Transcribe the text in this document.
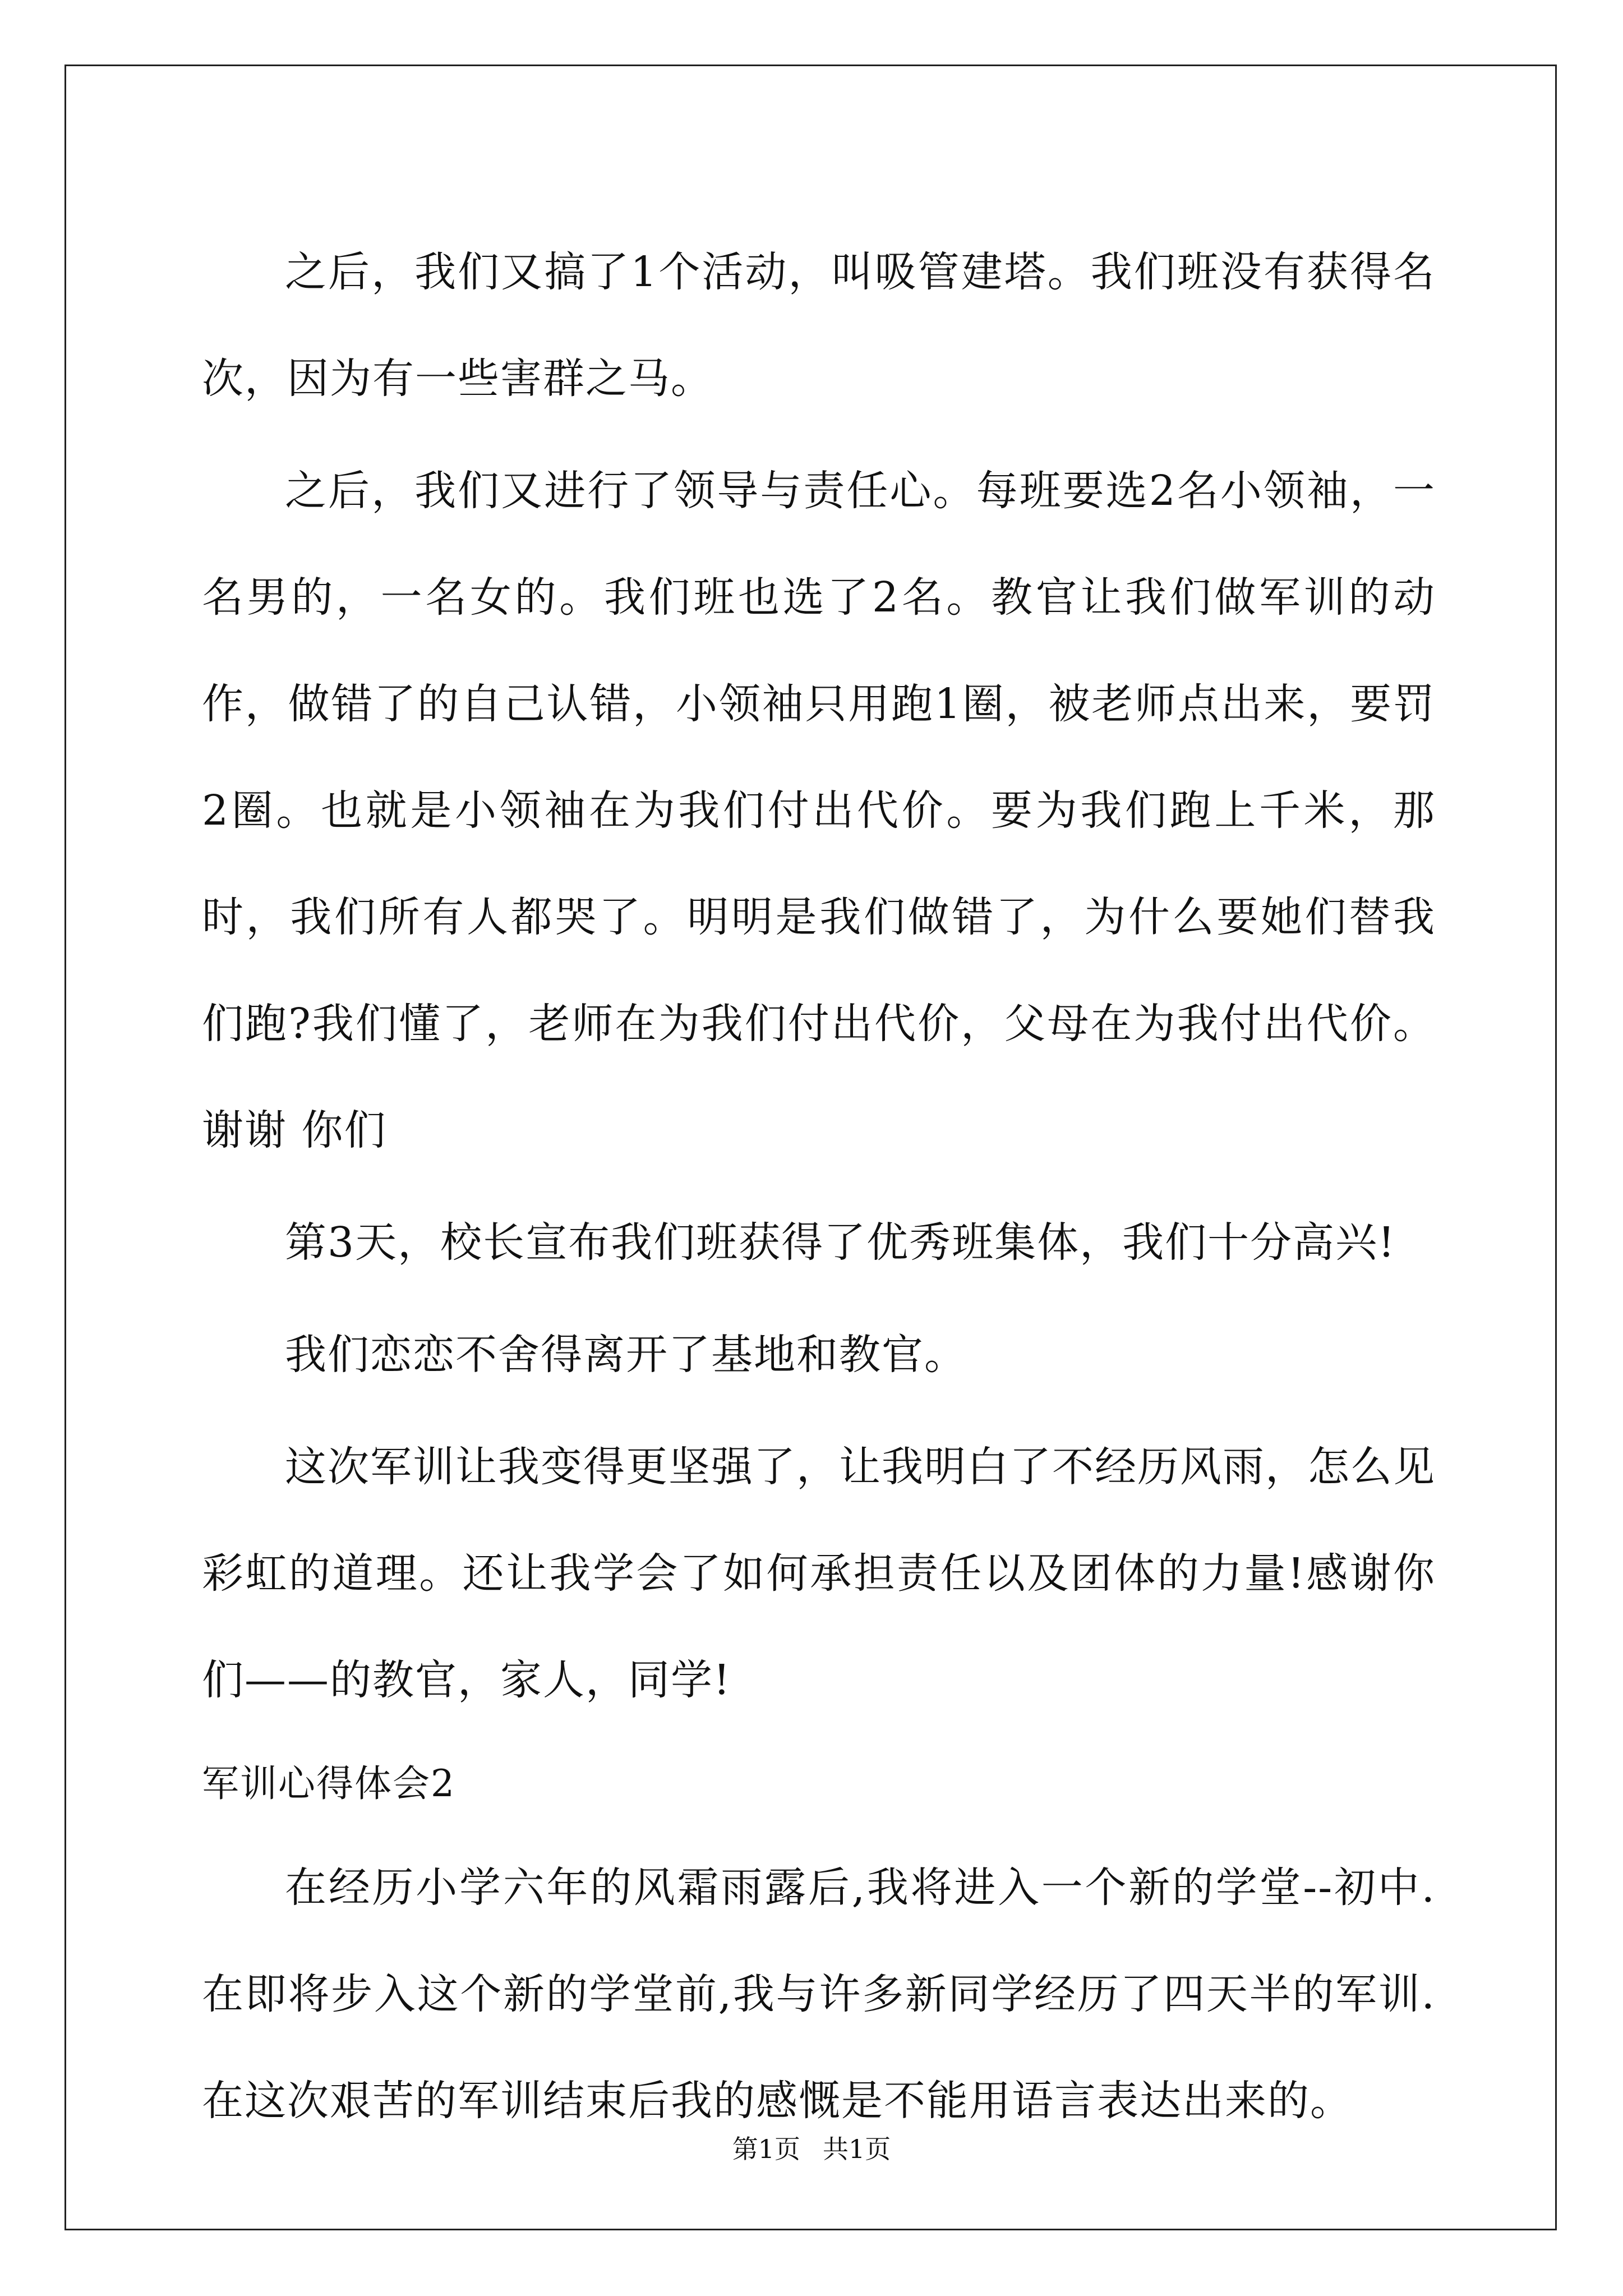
之后，我们又搞了1个活动，叫吸管建塔。我们班没有获得名次，因为有一些害群之马。

之后，我们又进行了领导与责任心。每班要选2名小领袖，一名男的，一名女的。我们班也选了2名。教官让我们做军训的动作，做错了的自己认错，小领袖只用跑1圈，被老师点出来，要罚2圈。也就是小领袖在为我们付出代价。要为我们跑上千米，那时，我们所有人都哭了。明明是我们做错了，为什么要她们替我们跑?我们懂了，老师在为我们付出代价，父母在为我付出代价。谢谢 你们

第3天，校长宣布我们班获得了优秀班集体，我们十分高兴!

我们恋恋不舍得离开了基地和教官。

这次军训让我变得更坚强了，让我明白了不经历风雨，怎么见彩虹的道理。还让我学会了如何承担责任以及团体的力量!感谢你们——的教官，家人，同学!

军训心得体会2

在经历小学六年的风霜雨露后,我将进入一个新的学堂--初中.在即将步入这个新的学堂前,我与许多新同学经历了四天半的军训.在这次艰苦的军训结束后我的感慨是不能用语言表达出来的。

第1页 共1页
